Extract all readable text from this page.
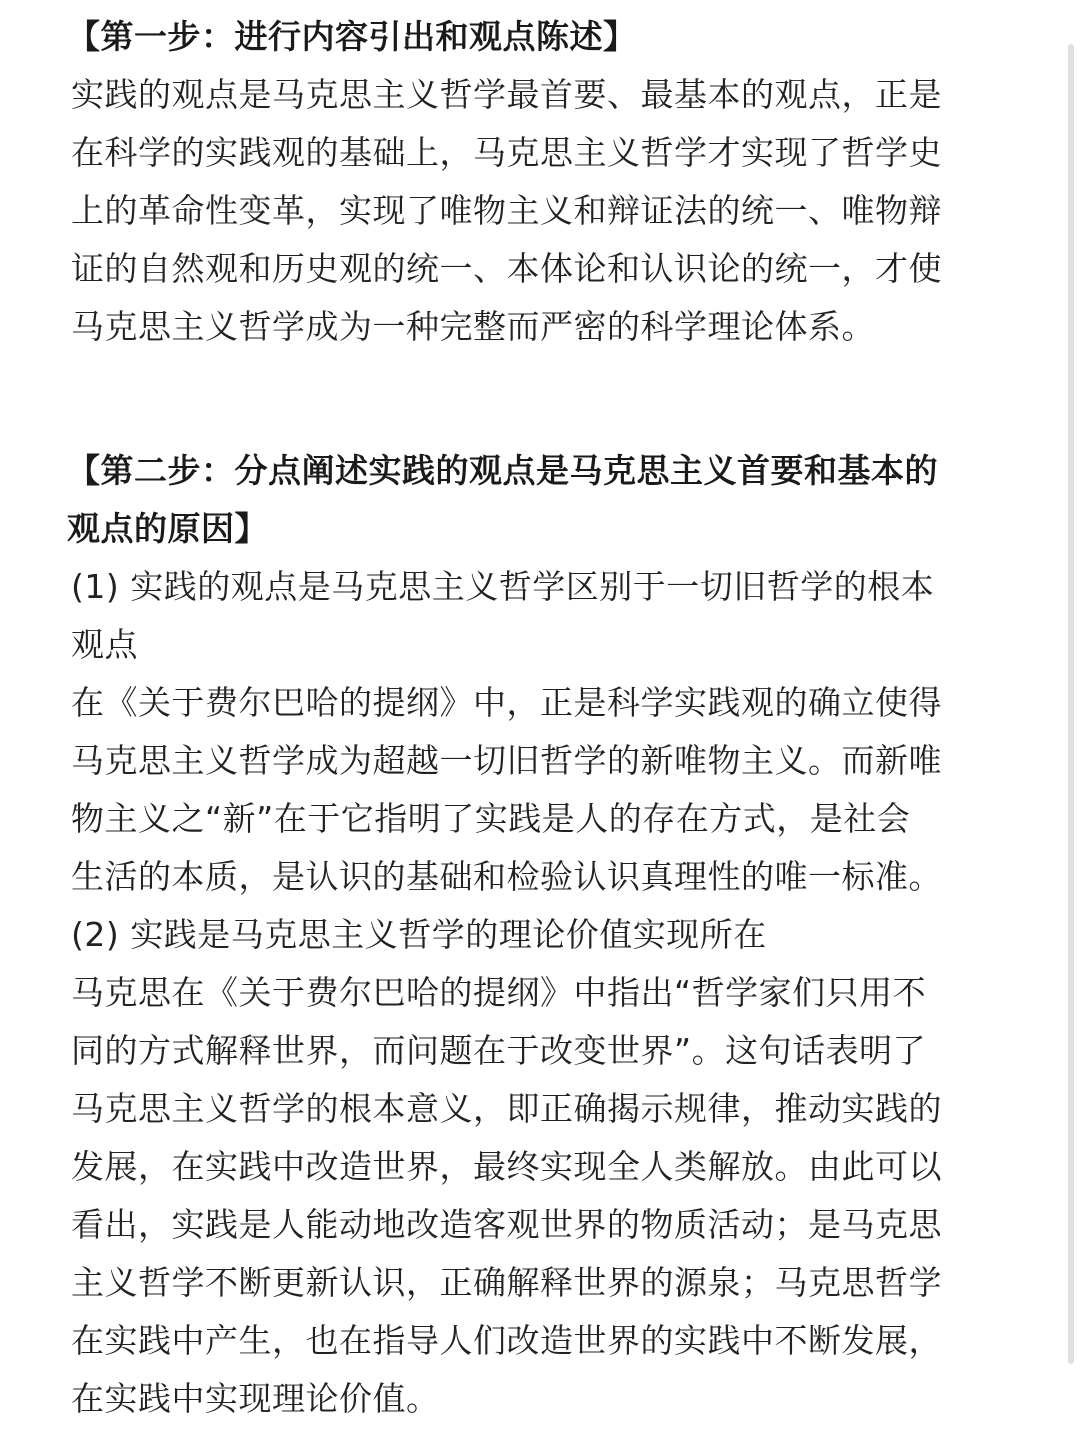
【第一步：进行内容引出和观点陈述】
实践的观点是马克思主义哲学最首要、最基本的观点，正是
在科学的实践观的基础上，马克思主义哲学才实现了哲学史
上的革命性变革，实现了唯物主义和辩证法的统一、唯物辩
证的自然观和历史观的统一、本体论和认识论的统一，才使
马克思主义哲学成为一种完整而严密的科学理论体系。
【第二步：分点阐述实践的观点是马克思主义首要和基本的
观点的原因】
(1) 实践的观点是马克思主义哲学区别于一切旧哲学的根本
观点
在《关于费尔巴哈的提纲》中，正是科学实践观的确立使得
马克思主义哲学成为超越一切旧哲学的新唯物主义。而新唯
物主义之“新”在于它指明了实践是人的存在方式，是社会
生活的本质，是认识的基础和检验认识真理性的唯一标准。
(2) 实践是马克思主义哲学的理论价值实现所在
马克思在《关于费尔巴哈的提纲》中指出“哲学家们只用不
同的方式解释世界，而问题在于改变世界”。这句话表明了
马克思主义哲学的根本意义，即正确揭示规律，推动实践的
发展，在实践中改造世界，最终实现全人类解放。由此可以
看出，实践是人能动地改造客观世界的物质活动；是马克思
主义哲学不断更新认识，正确解释世界的源泉；马克思哲学
在实践中产生，也在指导人们改造世界的实践中不断发展，
在实践中实现理论价值。
